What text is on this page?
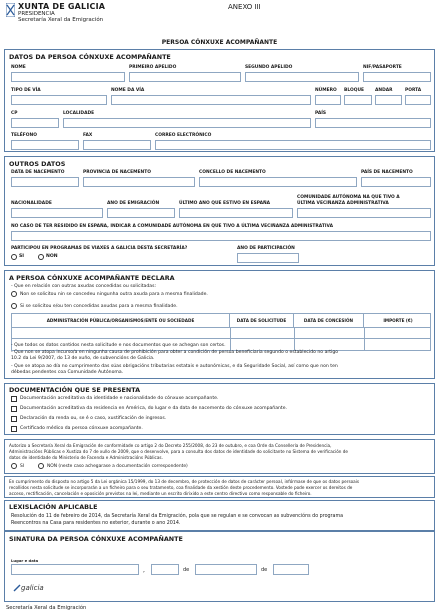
XUNTA DE GALICIA
PRESIDENCIA
Secretaría Xeral da Emigración
ANEXO III
PERSOA CÓNXUXE ACOMPAÑANTE
DATOS DA PERSOA CÓNXUXE ACOMPAÑANTE
NOME	PRIMEIRO APELIDO	SEGUNDO APELIDO	NIF/PASAPORTE
TIPO DE VÍA	NOME DA VÍA	NÚMERO BLOQUE ANDAR	PORTA
CP	LOCALIDADE	PAÍS
TELÉFONO	FAX	CORREO ELECTRÓNICO
OUTROS DATOS
DATA DE NACEMENTO	PROVINCIA DE NACEMENTO	CONCELLO DE NACEMENTO	PAÍS DE NACEMENTO
NACIONALIDADE	ANO DE EMIGRACIÓN	ÚLTIMO ANO QUE ESTIVO EN ESPAÑA
COMUNIDADE AUTÓNOMA NA QUE TIVO A
ÚLTIMA VECIÑANZA ADMINISTRATIVA
NO CASO DE TER RESIDIDO EN ESPAÑA, INDICAR A COMUNIDADE AUTÓNOMA EN QUE TIVO A ÚLTIMA VECIÑANZA ADMINISTRATIVA
PARTICIPOU EN PROGRAMAS DE VIAXES A GALICIA DESTA SECRETARÍA?	ANO DE PARTICIPACIÓN
SI	NON
A PERSOA CÓNXUXE ACOMPAÑANTE DECLARA
- Que en relación con outras axudas concedidas ou solicitadas:
Non se solicitou nin se concedeu ningunha outra axuda para a mesma finalidade.
Si se solicitou e/ou ten concedidas axudas para a mesma finalidade.
ADMINISTRACIÓN PÚBLICA/ORGANISMOS/ENTE OU SOCIEDADE	DATA DE SOLICITUDE	DATA DE CONCESIÓN	IMPORTE (€)
- Que todos os datos contidos nesta solicitude e nos documentos que se achegan son certos.
- Que non se atopa incurso/a en ningunha causa de prohibición para obter a condición de persoa beneficiaria segundo o establecido no artigo
10.2 da Lei 9/2007, do 13 de xuño, de subvencións de Galicia.
- Que se atopa ao día no cumprimento das súas obrigacións tributarias estatais e autonómicas, e da Seguridade Social, así como que non ten
débedas pendentes coa Comunidade Autónoma.
DOCUMENTACIÓN QUE SE PRESENTA
Documentación acreditativa da identidade e nacionalidade do cónxuxe acompañante.
Documentación acreditativa da residencia en América, do lugar e da data de nacemento do cónxuxe acompañante.
Declaración da renda ou, se é o caso, xustificación de ingresos.
Certificado médico da persoa cónxuxe acompañante.
Autorizo a Secretaría Xeral da Emigración de conformidade co artigo 2 do Decreto 255/2008, do 23 de outubro, e coa Orde da Consellería de Presidencia,
Administracións Públicas e Xustiza do 7 de xullo de 2009, que o desenvolve, para a consulta dos datos de identidade do solicitante no Sistema de verificación de
datos de identidade do Ministerio de Facenda e Administracións Públicas.
SI	NON (neste caso achegarase a documentación correspondente)
En cumprimento do disposto no artigo 5 da Lei orgánica 15/1999, do 13 de decembro, de protección de datos de carácter persoal, infórmase de que os datos persoais
recollidos nesta solicitude se incorporarán a un ficheiro para o seu tratamento, coa finalidade da xestión deste procedemento. Vostede pode exercer os dereitos de
acceso, rectificación, cancelación e oposición previstos na lei, mediante un escrito dirixido a este centro directivo como responsable do ficheiro.
LEXISLACIÓN APLICABLE
Resolución do 11 de febreiro de 2014, da Secretaría Xeral da Emigración, pola que se regulan e se convocan as subvencións do programa
Reencontros na Casa para residentes no exterior, durante o ano 2014.
SINATURA DA PERSOA CÓNXUXE ACOMPAÑANTE
Lugar e data
,	de	de
galicia
Secretaría Xeral da Emigración
